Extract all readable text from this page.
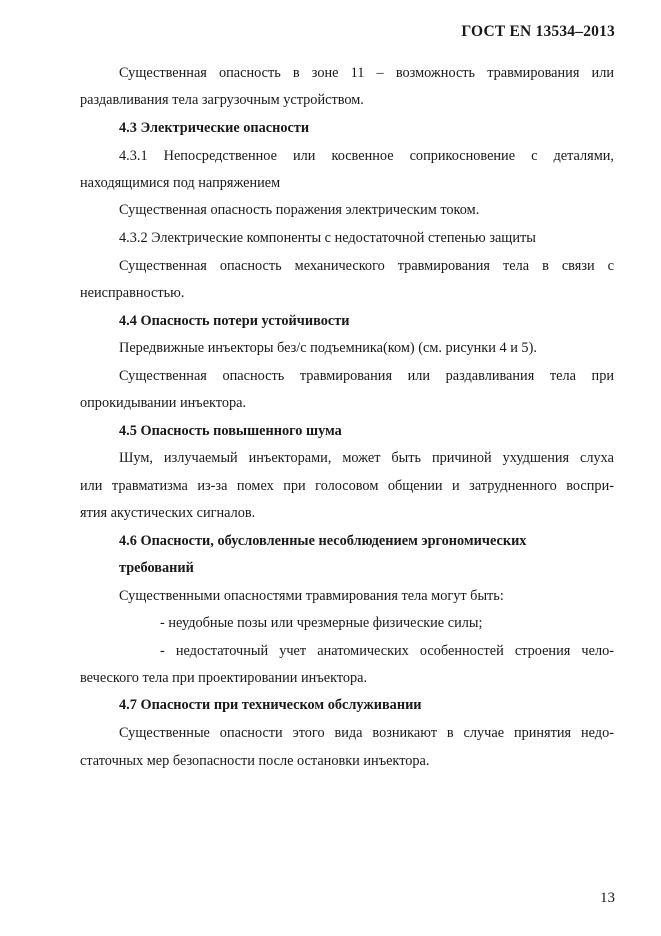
ГОСТ EN 13534–2013
Существенная опасность в зоне 11 – возможность травмирования или
раздавливания тела загрузочным устройством.
4.3 Электрические опасности
4.3.1 Непосредственное или косвенное соприкосновение с деталями,
находящимися под напряжением
Существенная опасность поражения электрическим током.
4.3.2 Электрические компоненты с недостаточной степенью защиты
Существенная опасность механического травмирования тела в связи с
неисправностью.
4.4 Опасность потери устойчивости
Передвижные инъекторы без/с подъемника(ком) (см. рисунки 4 и 5).
Существенная опасность травмирования или раздавливания тела при
опрокидывании инъектора.
4.5 Опасность повышенного шума
Шум, излучаемый инъекторами, может быть причиной ухудшения слуха
или травматизма из-за помех при голосовом общении и затрудненного воспри-
ятия акустических сигналов.
4.6 Опасности, обусловленные несоблюдением эргономических
требований
Существенными опасностями травмирования тела могут быть:
- неудобные позы или чрезмерные физические силы;
- недостаточный учет анатомических особенностей строения чело-
веческого тела при проектировании инъектора.
4.7 Опасности при техническом обслуживании
Существенные опасности этого вида возникают в случае принятия недо-
статочных мер безопасности после остановки инъектора.
13
